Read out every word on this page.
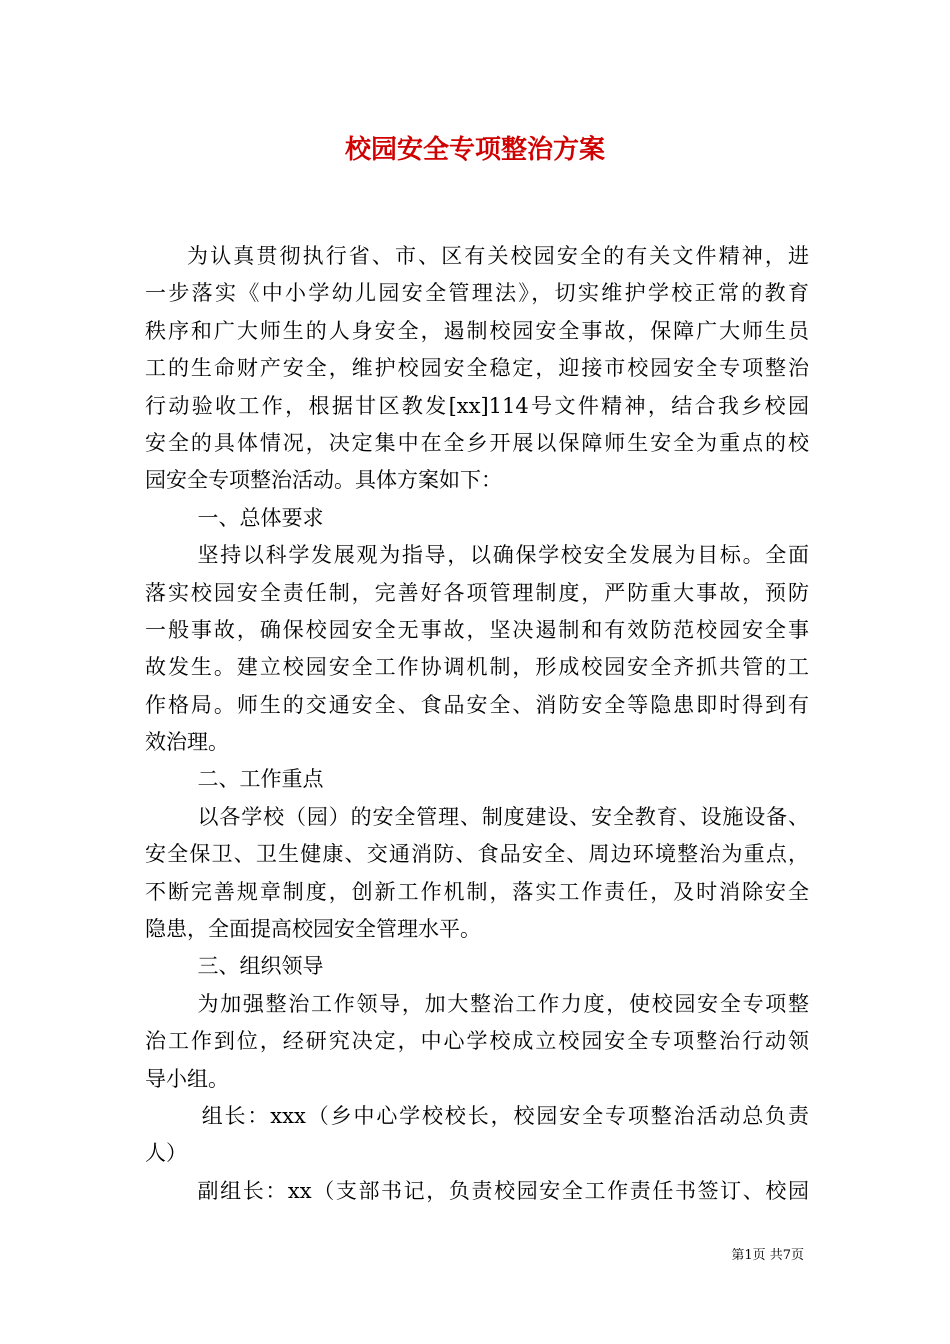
校园安全专项整治方案
为认真贯彻执行省、市、区有关校园安全的有关文件精神，进
一步落实《中小学幼儿园安全管理法》，切实维护学校正常的教育
秩序和广大师生的人身安全，遏制校园安全事故，保障广大师生员
工的生命财产安全，维护校园安全稳定，迎接市校园安全专项整治
行动验收工作，根据甘区教发[xx]114号文件精神，结合我乡校园
安全的具体情况，决定集中在全乡开展以保障师生安全为重点的校
园安全专项整治活动。具体方案如下：
一、总体要求
坚持以科学发展观为指导，以确保学校安全发展为目标。全面
落实校园安全责任制，完善好各项管理制度，严防重大事故，预防
一般事故，确保校园安全无事故，坚决遏制和有效防范校园安全事
故发生。建立校园安全工作协调机制，形成校园安全齐抓共管的工
作格局。师生的交通安全、食品安全、消防安全等隐患即时得到有
效治理。
二、工作重点
以各学校（园）的安全管理、制度建设、安全教育、设施设备、
安全保卫、卫生健康、交通消防、食品安全、周边环境整治为重点，
不断完善规章制度，创新工作机制，落实工作责任，及时消除安全
隐患，全面提高校园安全管理水平。
三、组织领导
为加强整治工作领导，加大整治工作力度，使校园安全专项整
治工作到位，经研究决定，中心学校成立校园安全专项整治行动领
导小组。
组长：xxx（乡中心学校校长，校园安全专项整治活动总负责
人）
副组长：xx（支部书记，负责校园安全工作责任书签订、校园
第1页 共7页
